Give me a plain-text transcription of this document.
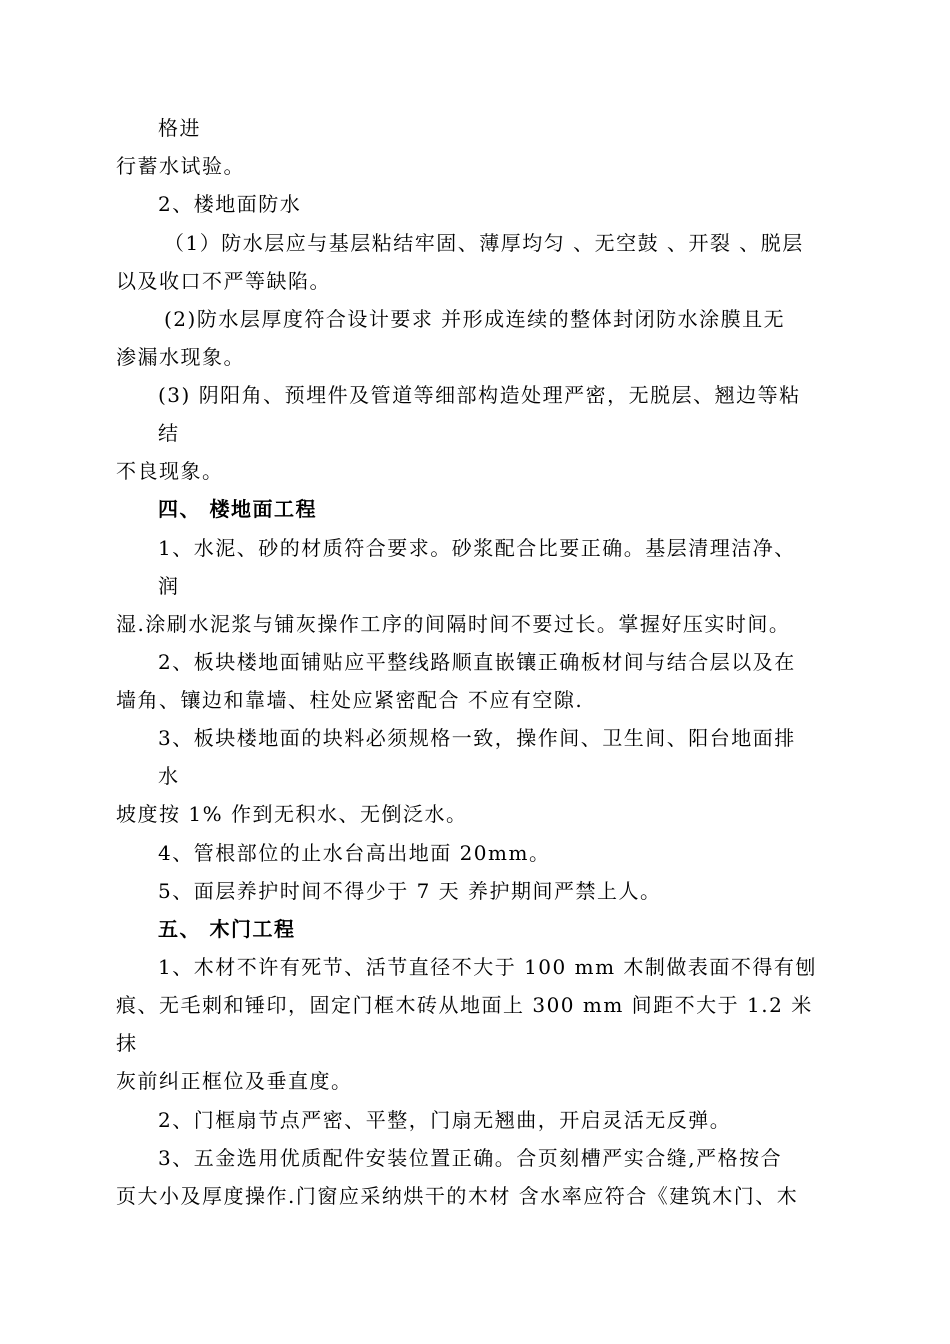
格进
行蓄水试验。
2、楼地面防水
（1）防水层应与基层粘结牢固、薄厚均匀 、无空鼓 、开裂 、脱层
以及收口不严等缺陷。
(2)防水层厚度符合设计要求 并形成连续的整体封闭防水涂膜且无
渗漏水现象。
(3) 阴阳角、预埋件及管道等细部构造处理严密，无脱层、翘边等粘
结
不良现象。
四、 楼地面工程
1、水泥、砂的材质符合要求。砂浆配合比要正确。基层清理洁净、
润
湿.涂刷水泥浆与铺灰操作工序的间隔时间不要过长。掌握好压实时间。
2、板块楼地面铺贴应平整线路顺直嵌镶正确板材间与结合层以及在
墙角、镶边和靠墙、柱处应紧密配合 不应有空隙.
3、板块楼地面的块料必须规格一致，操作间、卫生间、阳台地面排
水
坡度按 1% 作到无积水、无倒泛水。
4、管根部位的止水台高出地面 20mm。
5、面层养护时间不得少于 7 天 养护期间严禁上人。
五、 木门工程
1、木材不许有死节、活节直径不大于 100 mm 木制做表面不得有刨
痕、无毛刺和锤印，固定门框木砖从地面上 300 mm 间距不大于 1.2 米
抹
灰前纠正框位及垂直度。
2、门框扇节点严密、平整，门扇无翘曲，开启灵活无反弹。
3、五金选用优质配件安装位置正确。合页刻槽严实合缝,严格按合
页大小及厚度操作.门窗应采纳烘干的木材 含水率应符合《建筑木门、木
